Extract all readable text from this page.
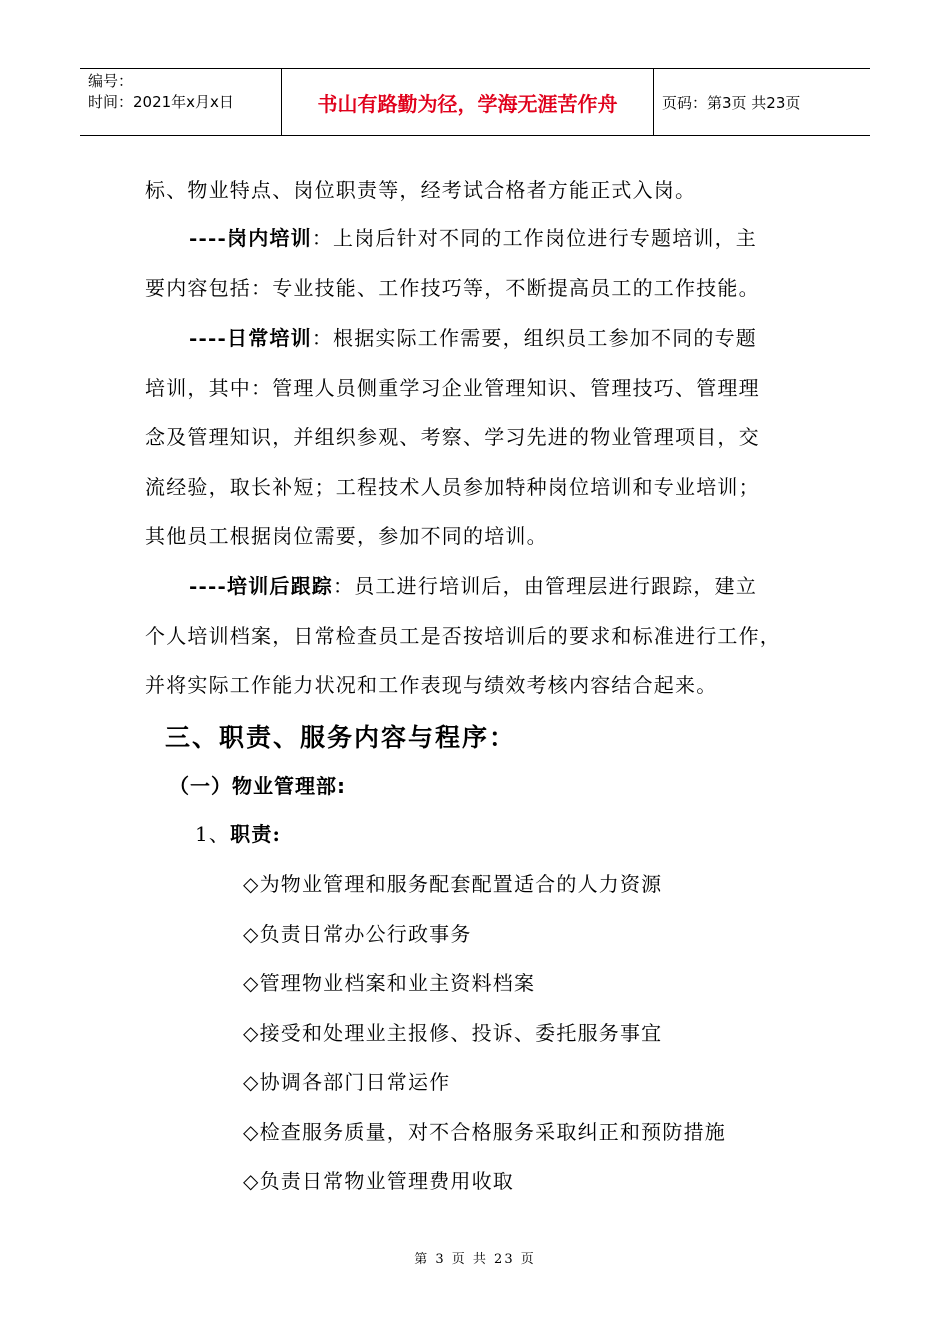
编号：
时间：2021年x月x日	书山有路勤为径，学海无涯苦作舟	页码：第3页 共23页
标、物业特点、岗位职责等，经考试合格者方能正式入岗。
----岗内培训：上岗后针对不同的工作岗位进行专题培训，主
要内容包括：专业技能、工作技巧等，不断提高员工的工作技能。
----日常培训：根据实际工作需要，组织员工参加不同的专题
培训，其中：管理人员侧重学习企业管理知识、管理技巧、管理理
念及管理知识，并组织参观、考察、学习先进的物业管理项目，交
流经验，取长补短；工程技术人员参加特种岗位培训和专业培训；
其他员工根据岗位需要，参加不同的培训。
----培训后跟踪：员工进行培训后，由管理层进行跟踪，建立
个人培训档案，日常检查员工是否按培训后的要求和标准进行工作，
并将实际工作能力状况和工作表现与绩效考核内容结合起来。
三、职责、服务内容与程序：
（一）物业管理部:
1、职责:
◇为物业管理和服务配套配置适合的人力资源
◇负责日常办公行政事务
◇管理物业档案和业主资料档案
◇接受和处理业主报修、投诉、委托服务事宜
◇协调各部门日常运作
◇检查服务质量，对不合格服务采取纠正和预防措施
◇负责日常物业管理费用收取
第 3 页 共 23 页
